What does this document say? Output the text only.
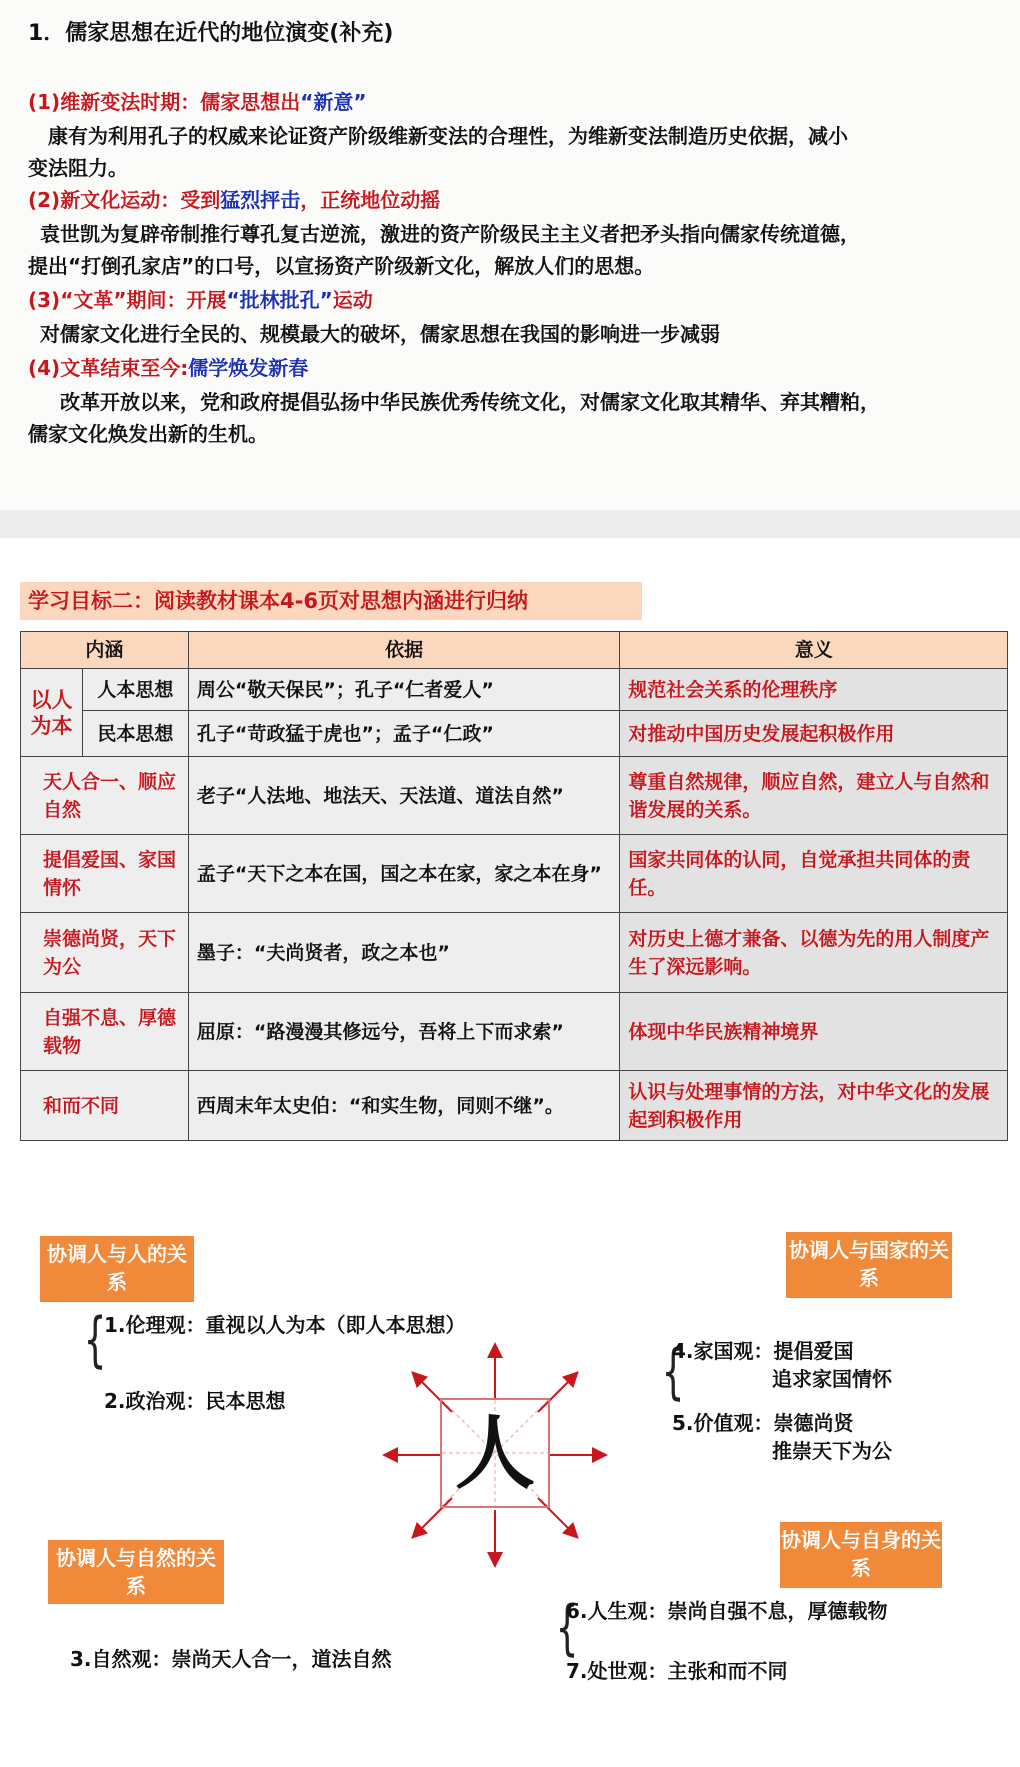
1．儒家思想在近代的地位演变(补充)
(1)维新变法时期：儒家思想出“新意”
康有为利用孔子的权威来论证资产阶级维新变法的合理性，为维新变法制造历史依据，减小
变法阻力。
(2)新文化运动：受到猛烈抨击，正统地位动摇
袁世凯为复辟帝制推行尊孔复古逆流，激进的资产阶级民主主义者把矛头指向儒家传统道德，
提出“打倒孔家店”的口号，以宣扬资产阶级新文化，解放人们的思想。
(3)“文革”期间：开展“批林批孔”运动
对儒家文化进行全民的、规模最大的破坏，儒家思想在我国的影响进一步减弱
(4)文革结束至今:儒学焕发新春
改革开放以来，党和政府提倡弘扬中华民族优秀传统文化，对儒家文化取其精华、弃其糟粕，
儒家文化焕发出新的生机。
学习目标二：阅读教材课本4-6页对思想内涵进行归纳
内涵		依据	意义
以人为本	人本思想	周公“敬天保民”；孔子“仁者爱人”	规范社会关系的伦理秩序
	民本思想	孔子“苛政猛于虎也”；孟子“仁政”	对推动中国历史发展起积极作用
天人合一、顺应自然		老子“人法地、地法天、天法道、道法自然”	尊重自然规律，顺应自然，建立人与自然和谐发展的关系。
提倡爱国、家国情怀		孟子“天下之本在国，国之本在家，家之本在身”	国家共同体的认同，自觉承担共同体的责任。
崇德尚贤，天下为公		墨子：“夫尚贤者，政之本也”	对历史上德才兼备、以德为先的用人制度产生了深远影响。
自强不息、厚德载物		屈原：“路漫漫其修远兮，吾将上下而求索”	体现中华民族精神境界
和而不同		西周末年太史伯：“和实生物，同则不继”。	认识与处理事情的方法，对中华文化的发展起到积极作用
协调人与人的关系
协调人与国家的关系
协调人与自然的关系
协调人与自身的关系
{
1.伦理观：重视以人为本（即人本思想）
2.政治观：民本思想	{
4.家国观：提倡爱国
追求家国情怀
5.价值观：崇德尚贤
推崇天下为公
3.自然观：崇尚天人合一，道法自然	{
6.人生观：崇尚自强不息，厚德载物
7.处世观：主张和而不同
人
